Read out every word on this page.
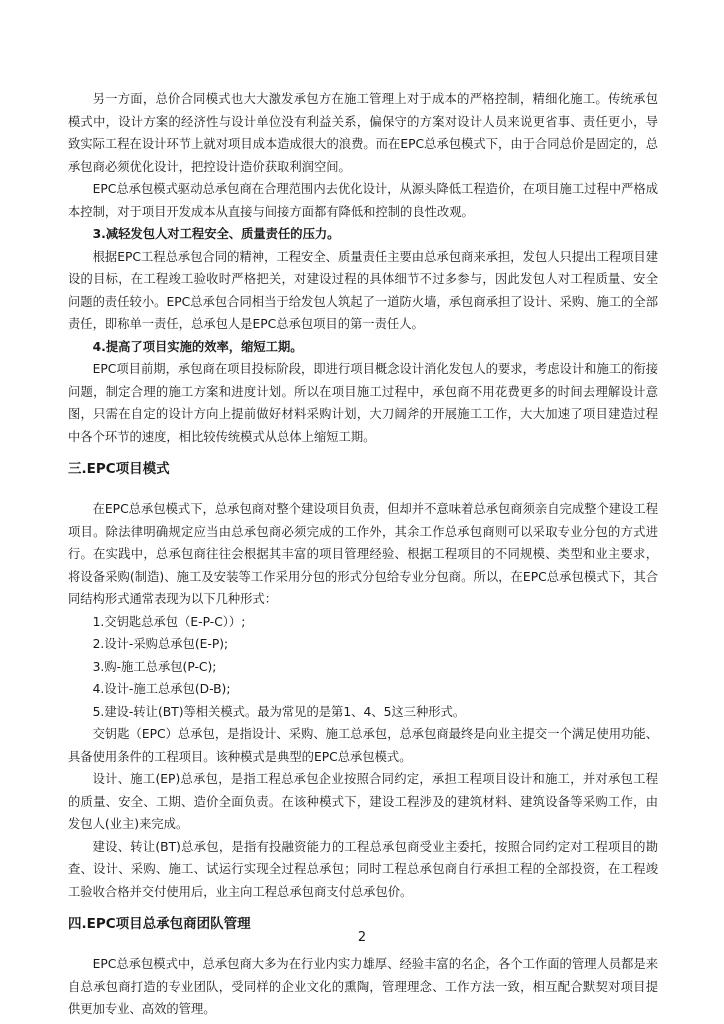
另一方面，总价合同模式也大大激发承包方在施工管理上对于成本的严格控制，精细化施工。传统承包模式中，设计方案的经济性与设计单位没有利益关系，偏保守的方案对设计人员来说更省事、责任更小，导致实际工程在设计环节上就对项目成本造成很大的浪费。而在EPC总承包模式下，由于合同总价是固定的，总承包商必须优化设计，把控设计造价获取利润空间。

EPC总承包模式驱动总承包商在合理范围内去优化设计，从源头降低工程造价，在项目施工过程中严格成本控制，对于项目开发成本从直接与间接方面都有降低和控制的良性改观。

3.减轻发包人对工程安全、质量责任的压力。

根据EPC工程总承包合同的精神，工程安全、质量责任主要由总承包商来承担，发包人只提出工程项目建设的目标，在工程竣工验收时严格把关，对建设过程的具体细节不过多参与，因此发包人对工程质量、安全问题的责任较小。EPC总承包合同相当于给发包人筑起了一道防火墙，承包商承担了设计、采购、施工的全部责任，即称单一责任，总承包人是EPC总承包项目的第一责任人。

4.提高了项目实施的效率，缩短工期。

EPC项目前期，承包商在项目投标阶段，即进行项目概念设计消化发包人的要求，考虑设计和施工的衔接问题，制定合理的施工方案和进度计划。所以在项目施工过程中，承包商不用花费更多的时间去理解设计意图，只需在自定的设计方向上提前做好材料采购计划，大刀阔斧的开展施工工作，大大加速了项目建造过程中各个环节的速度，相比较传统模式从总体上缩短工期。

三.EPC项目模式

在EPC总承包模式下，总承包商对整个建设项目负责，但却并不意味着总承包商须亲自完成整个建设工程项目。除法律明确规定应当由总承包商必须完成的工作外，其余工作总承包商则可以采取专业分包的方式进行。在实践中，总承包商往往会根据其丰富的项目管理经验、根据工程项目的不同规模、类型和业主要求，将设备采购(制造)、施工及安装等工作采用分包的形式分包给专业分包商。所以，在EPC总承包模式下，其合同结构形式通常表现为以下几种形式：

1.交钥匙总承包（E-P-C））;

2.设计-采购总承包(E-P);

3.购-施工总承包(P-C);

4.设计-施工总承包(D-B);

5.建设-转让(BT)等相关模式。最为常见的是第1、4、5这三种形式。

交钥匙（EPC）总承包，是指设计、采购、施工总承包，总承包商最终是向业主提交一个满足使用功能、具备使用条件的工程项目。该种模式是典型的EPC总承包模式。

设计、施工(EP)总承包，是指工程总承包企业按照合同约定，承担工程项目设计和施工，并对承包工程的质量、安全、工期、造价全面负责。在该种模式下，建设工程涉及的建筑材料、建筑设备等采购工作，由发包人(业主)来完成。

建设、转让(BT)总承包，是指有投融资能力的工程总承包商受业主委托，按照合同约定对工程项目的勘查、设计、采购、施工、试运行实现全过程总承包；同时工程总承包商自行承担工程的全部投资，在工程竣工验收合格并交付使用后，业主向工程总承包商支付总承包价。

四.EPC项目总承包商团队管理

EPC总承包模式中，总承包商大多为在行业内实力雄厚、经验丰富的名企，各个工作面的管理人员都是来自总承包商打造的专业团队，受同样的企业文化的熏陶，管理理念、工作方法一致，相互配合默契对项目提供更加专业、高效的管理。

2
